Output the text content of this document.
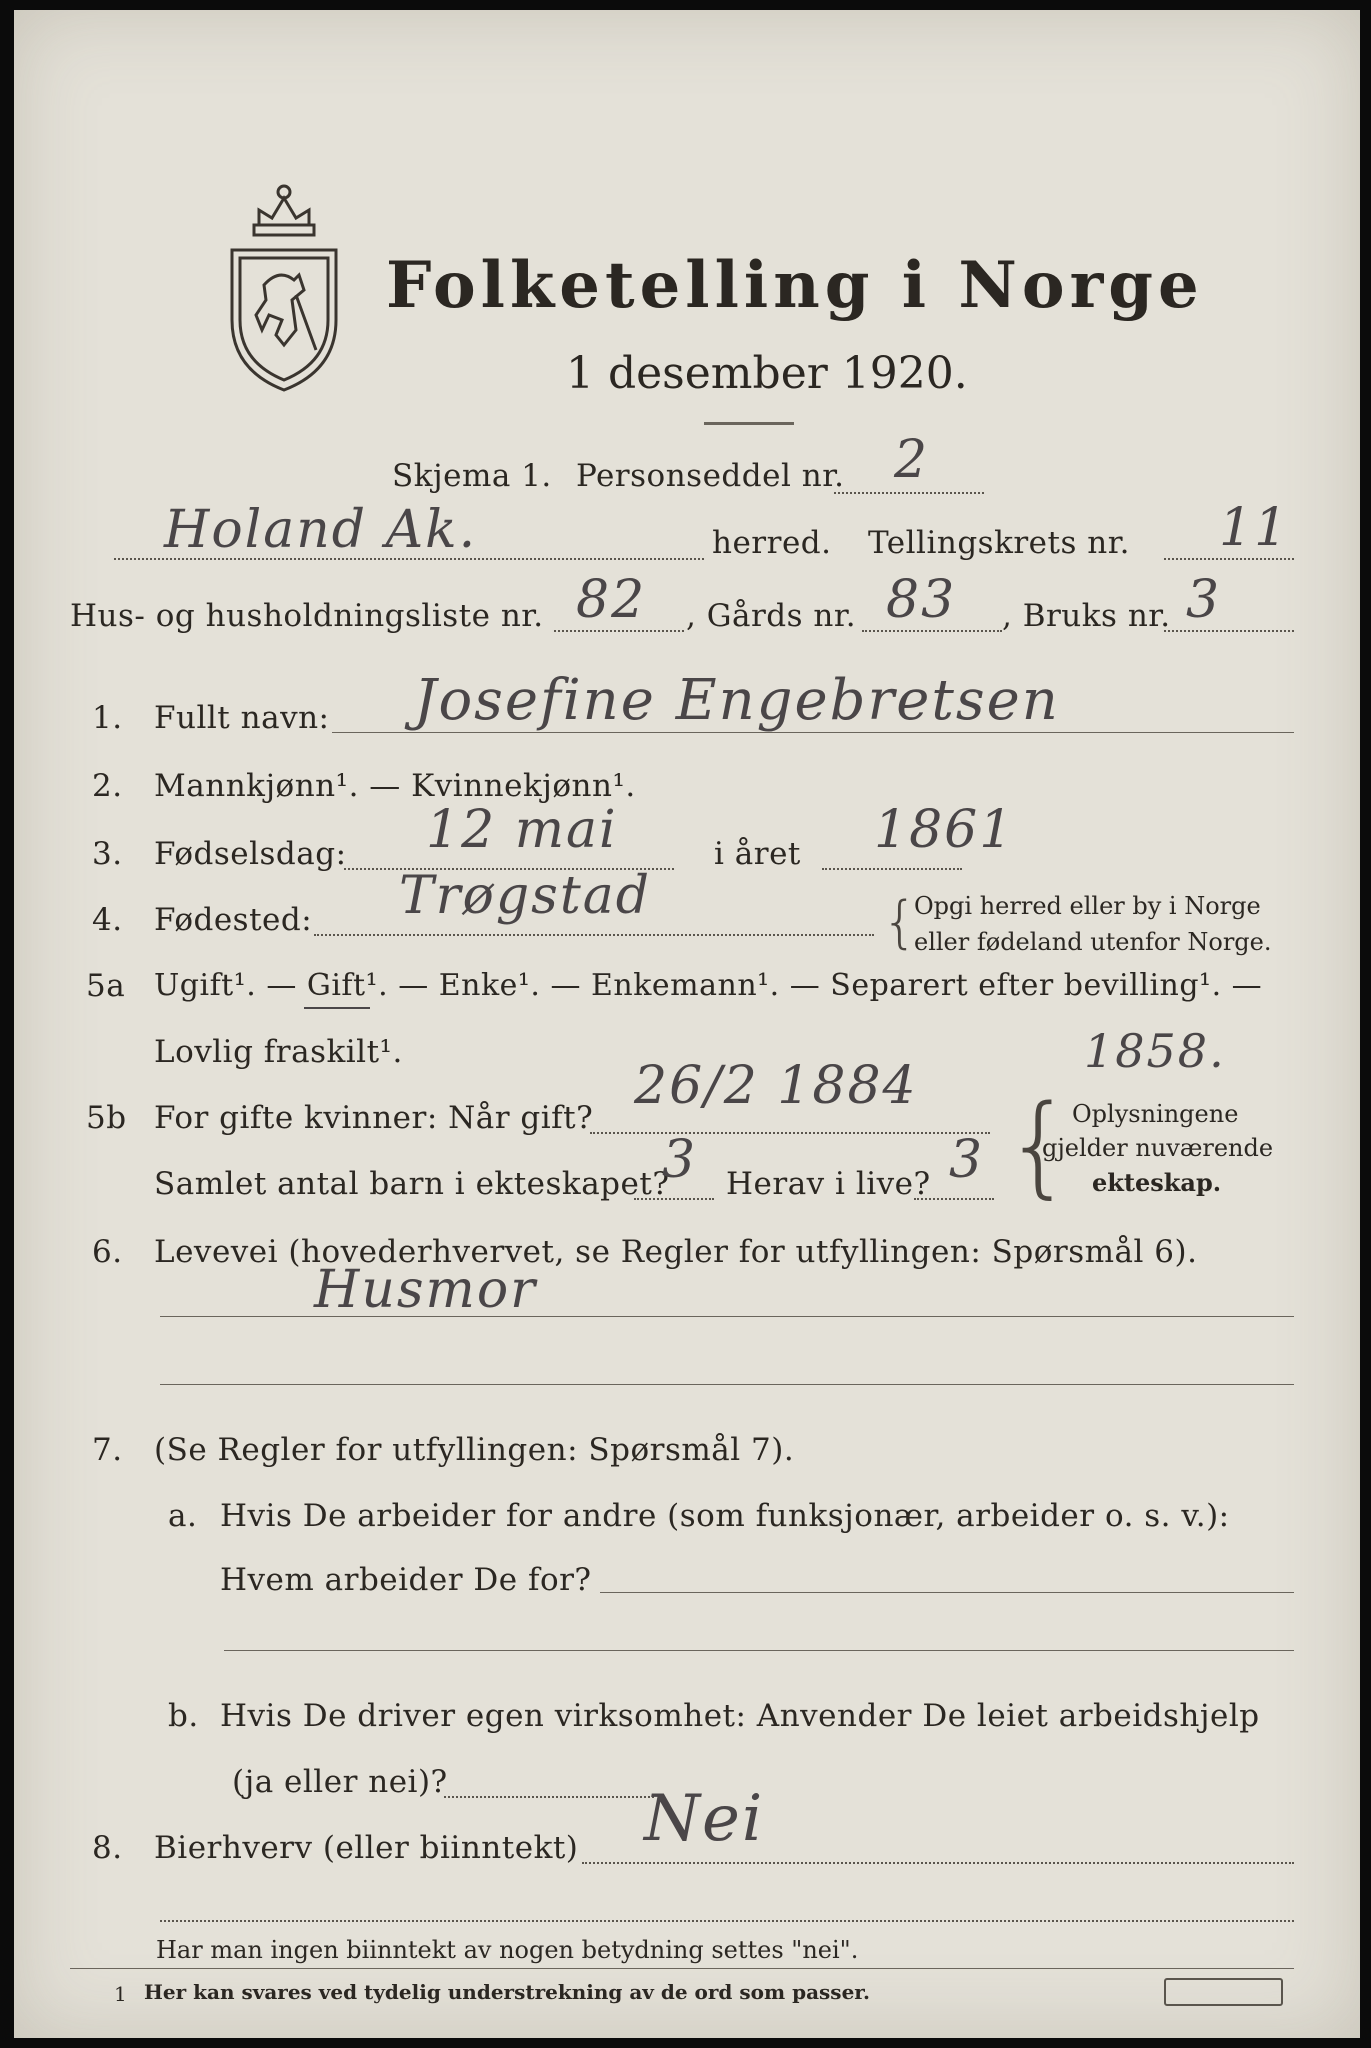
Folketelling i Norge
1 desember 1920.
Skjema 1. Personseddel nr. 2
Holand Ak.	herred. Tellingskrets nr. 11
Hus- og husholdningsliste nr. 82 , Gårds nr. 83 , Bruks nr. 3
1. Fullt navn: Josefine Engebretsen
2. Mannkjønn¹. — Kvinnekjønn¹.
3. Fødselsdag: 12 mai	i året 1861
4. Fødested: Trøgstad	{
Opgi herred eller by i Norge
eller fødeland utenfor Norge.
5a Ugift¹. — Gift¹. — Enke¹. — Enkemann¹. — Separert efter bevilling¹. —
Lovlig fraskilt¹.
5b For gifte kvinner: Når gift?
26/2 1884
1858.
Samlet antal barn i ekteskapet?
3 Herav i live? 3 {
Oplysningene
gjelder nuværende
ekteskap.
6. Levevei (hovederhvervet, se Regler for utfyllingen: Spørsmål 6).
Husmor
7. (Se Regler for utfyllingen: Spørsmål 7).
a. Hvis De arbeider for andre (som funksjonær, arbeider o. s. v.):
Hvem arbeider De for?
b. Hvis De driver egen virksomhet: Anvender De leiet arbeidshjelp
(ja eller nei)?
8. Bierhverv (eller biinntekt) Nei
Har man ingen biinntekt av nogen betydning settes "nei".
1 Her kan svares ved tydelig understrekning av de ord som passer.
